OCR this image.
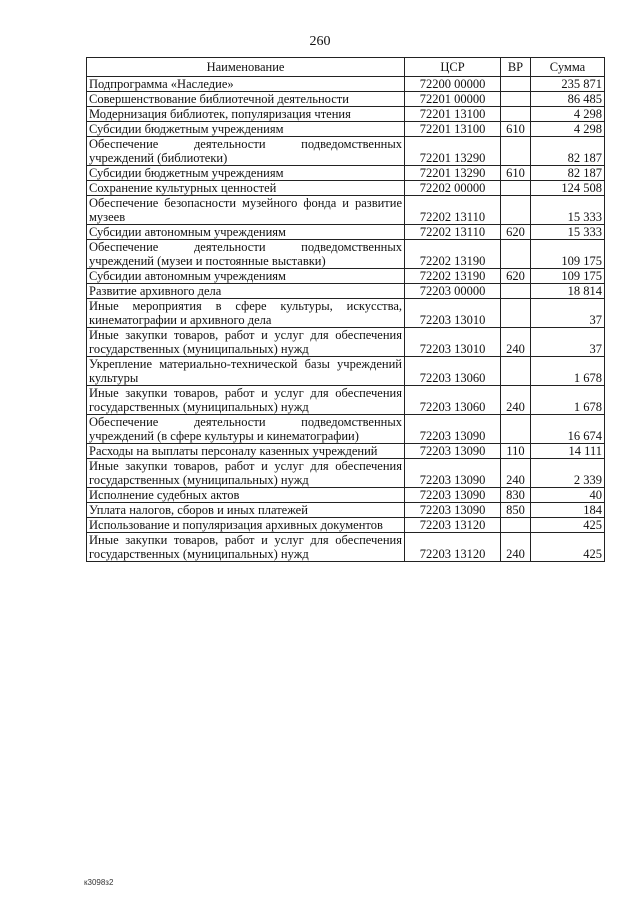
260
Наименование	ЦСР	ВР	Сумма
Подпрограмма «Наследие»	72200 00000		235 871
Совершенствование библиотечной деятельности	72201 00000		86 485
Модернизация библиотек, популяризация чтения	72201 13100		4 298
Субсидии бюджетным учреждениям	72201 13100	610	4 298
Обеспечение деятельности подведомственных учреждений (библиотеки)	72201 13290		82 187
Субсидии бюджетным учреждениям	72201 13290	610	82 187
Сохранение культурных ценностей	72202 00000		124 508
Обеспечение безопасности музейного фонда и развитие музеев	72202 13110		15 333
Субсидии автономным учреждениям	72202 13110	620	15 333
Обеспечение деятельности подведомственных учреждений (музеи и постоянные выставки)	72202 13190		109 175
Субсидии автономным учреждениям	72202 13190	620	109 175
Развитие архивного дела	72203 00000		18 814
Иные мероприятия в сфере культуры, искусства, кинематографии и архивного дела	72203 13010		37
Иные закупки товаров, работ и услуг для обеспечения государственных (муниципальных) нужд	72203 13010	240	37
Укрепление материально-технической базы учреждений культуры	72203 13060		1 678
Иные закупки товаров, работ и услуг для обеспечения государственных (муниципальных) нужд	72203 13060	240	1 678
Обеспечение деятельности подведомственных учреждений (в сфере культуры и кинематографии)	72203 13090		16 674
Расходы на выплаты персоналу казенных учреждений	72203 13090	110	14 111
Иные закупки товаров, работ и услуг для обеспечения государственных (муниципальных) нужд	72203 13090	240	2 339
Исполнение судебных актов	72203 13090	830	40
Уплата налогов, сборов и иных платежей	72203 13090	850	184
Использование и популяризация архивных документов	72203 13120		425
Иные закупки товаров, работ и услуг для обеспечения государственных (муниципальных) нужд	72203 13120	240	425
к3098з2
